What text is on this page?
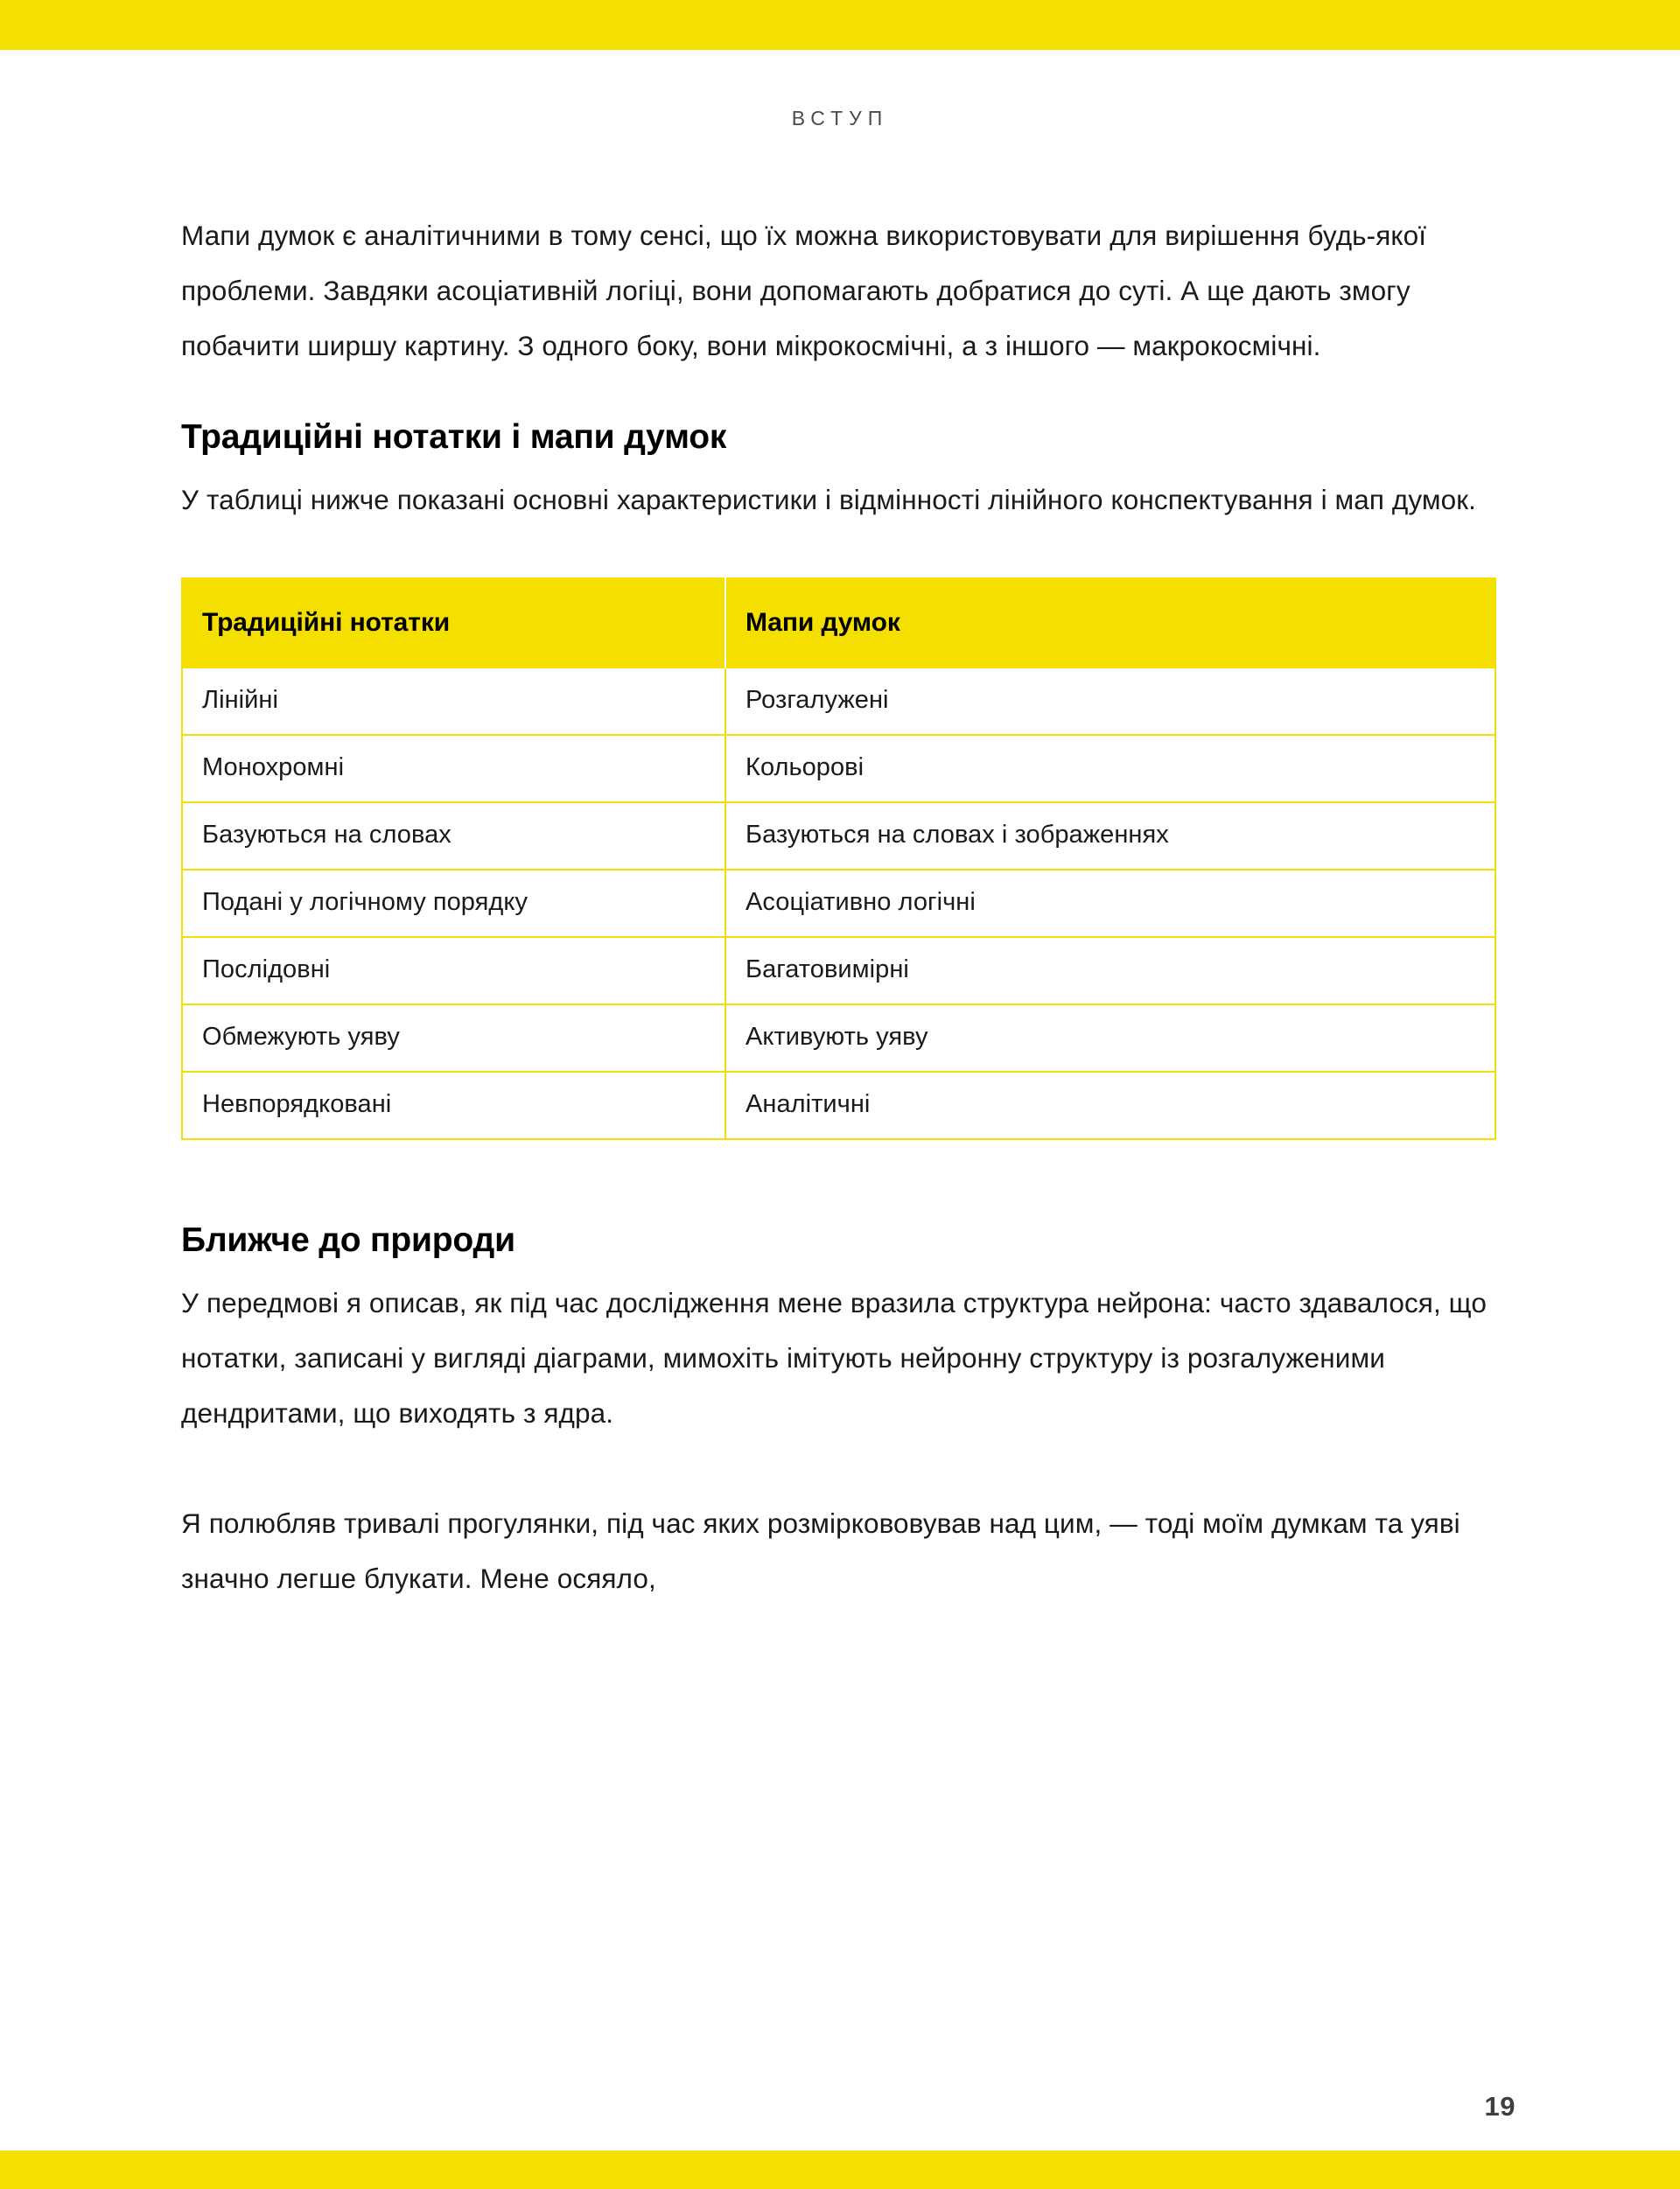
ВСТУП

Мапи думок є аналітичними в тому сенсі, що їх можна використовувати для вирішення будь-якої проблеми. Завдяки асоціативній логіці, вони допомагають добратися до суті. А ще дають змогу побачити ширшу картину. З одного боку, вони мікрокосмічні, а з іншого — макрокосмічні.

Традиційні нотатки і мапи думок

У таблиці нижче показані основні характеристики і відмінності лінійного конспектування і мап думок.

Традиційні нотатки	Мапи думок
Лінійні	Розгалужені
Монохромні	Кольорові
Базуються на словах	Базуються на словах і зображеннях
Подані у логічному порядку	Асоціативно логічні
Послідовні	Багатовимірні
Обмежують уяву	Активують уяву
Невпорядковані	Аналітичні
Ближче до природи

У передмові я описав, як під час дослідження мене вразила структура нейрона: часто здавалося, що нотатки, записані у вигляді діаграми, мимохіть імітують нейронну структуру із розгалуженими дендритами, що виходять з ядра.

Я полюбляв тривалі прогулянки, під час яких розміркововував над цим, — тоді моїм думкам та уяві значно легше блукати. Мене осяяло,

19
